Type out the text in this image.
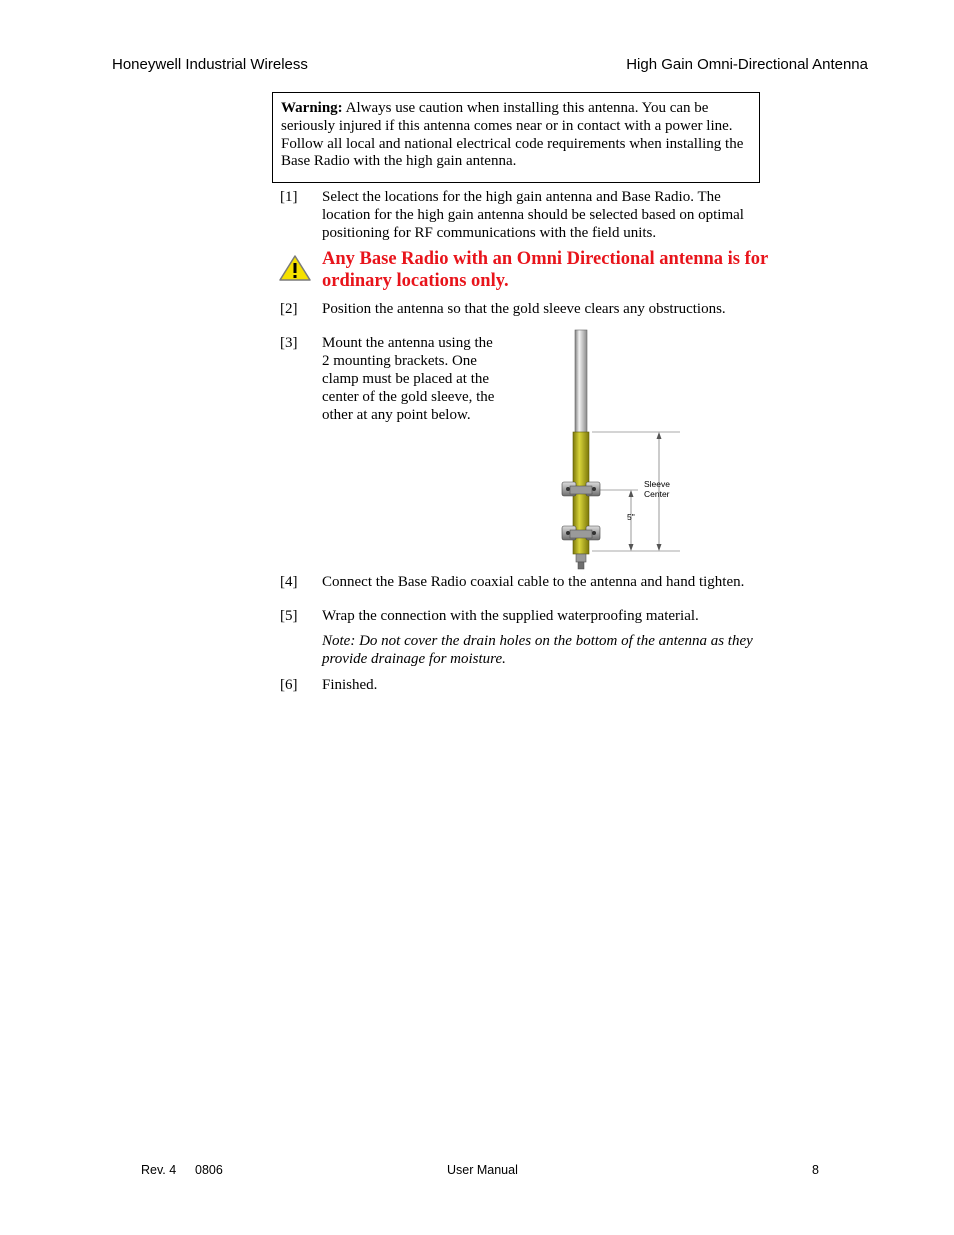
Honeywell Industrial Wireless	High Gain Omni-Directional Antenna
Warning: Always use caution when installing this antenna. You can be seriously injured if this antenna comes near or in contact with a power line. Follow all local and national electrical code requirements when installing the Base Radio with the high gain antenna.
[1] Select the locations for the high gain antenna and Base Radio. The
location for the high gain antenna should be selected based on optimal
positioning for RF communications with the field units.
Any Base Radio with an Omni Directional antenna is for
ordinary locations only.
[2] Position the antenna so that the gold sleeve clears any obstructions.
[3] Mount the antenna using the
2 mounting brackets. One
clamp must be placed at the
center of the gold sleeve, the
other at any point below.
Sleeve
Center
5"
[4] Connect the Base Radio coaxial cable to the antenna and hand tighten.
[5] Wrap the connection with the supplied waterproofing material.
Note: Do not cover the drain holes on the bottom of the antenna as they
provide drainage for moisture.
[6] Finished.
Rev. 4 0806	User Manual	8
